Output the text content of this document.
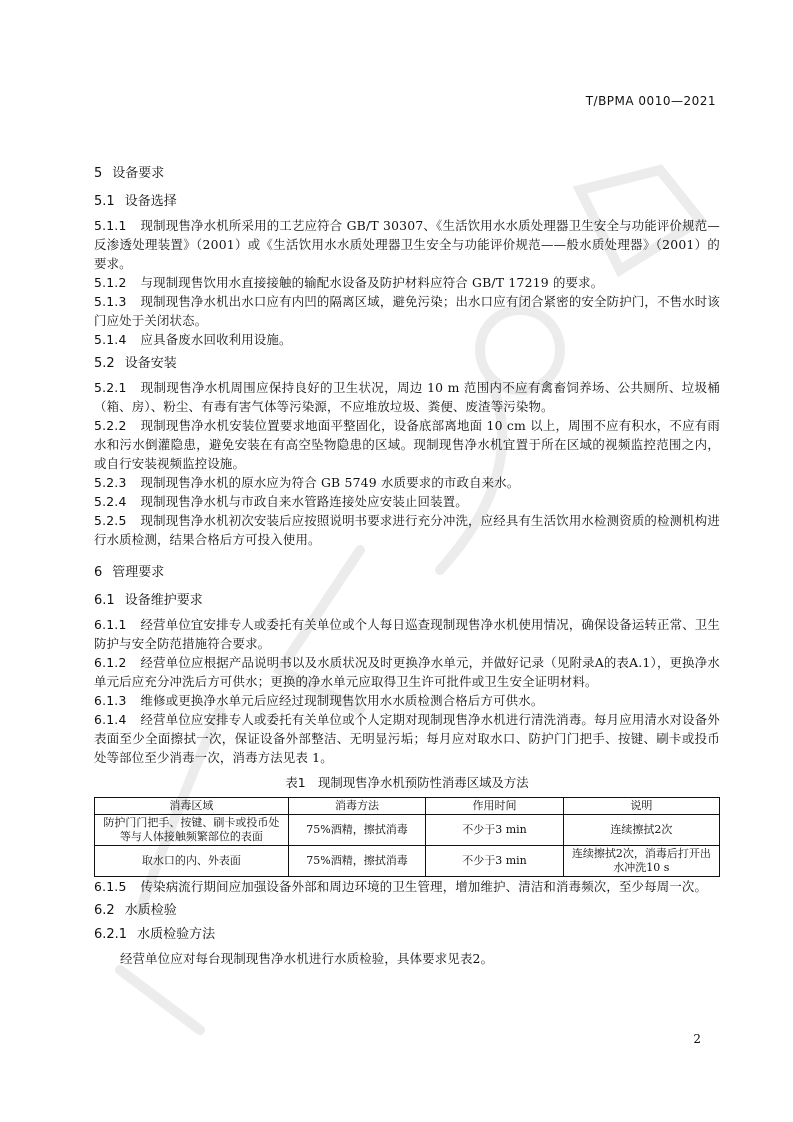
T/BPMA 0010—2021
5 设备要求
5.1 设备选择

5.1.1 现制现售净水机所采用的工艺应符合 GB/T 30307、《生活饮用水水质处理器卫生安全与功能评价规范—反渗透处理装置》（2001）或《生活饮用水水质处理器卫生安全与功能评价规范——般水质处理器》（2001）的要求。

5.1.2 与现制现售饮用水直接接触的输配水设备及防护材料应符合 GB/T 17219 的要求。

5.1.3 现制现售净水机出水口应有内凹的隔离区域，避免污染；出水口应有闭合紧密的安全防护门，不售水时该门应处于关闭状态。

5.1.4 应具备废水回收利用设施。

5.2 设备安装

5.2.1 现制现售净水机周围应保持良好的卫生状况，周边 10 m 范围内不应有禽畜饲养场、公共厕所、垃圾桶（箱、房）、粉尘、有毒有害气体等污染源，不应堆放垃圾、粪便、废渣等污染物。

5.2.2 现制现售净水机安装位置要求地面平整固化，设备底部离地面 10 cm 以上，周围不应有积水，不应有雨水和污水倒灌隐患，避免安装在有高空坠物隐患的区域。现制现售净水机宜置于所在区域的视频监控范围之内，或自行安装视频监控设施。

5.2.3 现制现售净水机的原水应为符合 GB 5749 水质要求的市政自来水。

5.2.4 现制现售净水机与市政自来水管路连接处应安装止回装置。

5.2.5 现制现售净水机初次安装后应按照说明书要求进行充分冲洗，应经具有生活饮用水检测资质的检测机构进行水质检测，结果合格后方可投入使用。

6 管理要求
6.1 设备维护要求

6.1.1 经营单位宜安排专人或委托有关单位或个人每日巡查现制现售净水机使用情况，确保设备运转正常、卫生防护与安全防范措施符合要求。

6.1.2 经营单位应根据产品说明书以及水质状况及时更换净水单元，并做好记录（见附录A的表A.1），更换净水单元后应充分冲洗后方可供水；更换的净水单元应取得卫生许可批件或卫生安全证明材料。

6.1.3 维修或更换净水单元后应经过现制现售饮用水水质检测合格后方可供水。

6.1.4 经营单位应安排专人或委托有关单位或个人定期对现制现售净水机进行清洗消毒。每月应用清水对设备外表面至少全面擦拭一次，保证设备外部整洁、无明显污垢；每月应对取水口、防护门门把手、按键、刷卡或投币处等部位至少消毒一次，消毒方法见表 1。

表1　现制现售净水机预防性消毒区域及方法
消毒区域	消毒方法	作用时间	说明
防护门门把手、按键、刷卡或投币处等与人体接触频繁部位的表面	75%酒精，擦拭消毒	不少于3 min	连续擦拭2次
取水口的内、外表面	75%酒精，擦拭消毒	不少于3 min	连续擦拭2次，消毒后打开出水冲洗10 s

6.1.5 传染病流行期间应加强设备外部和周边环境的卫生管理，增加维护、清洁和消毒频次，至少每周一次。

6.2 水质检验
6.2.1 水质检验方法

经营单位应对每台现制现售净水机进行水质检验，具体要求见表2。

2
